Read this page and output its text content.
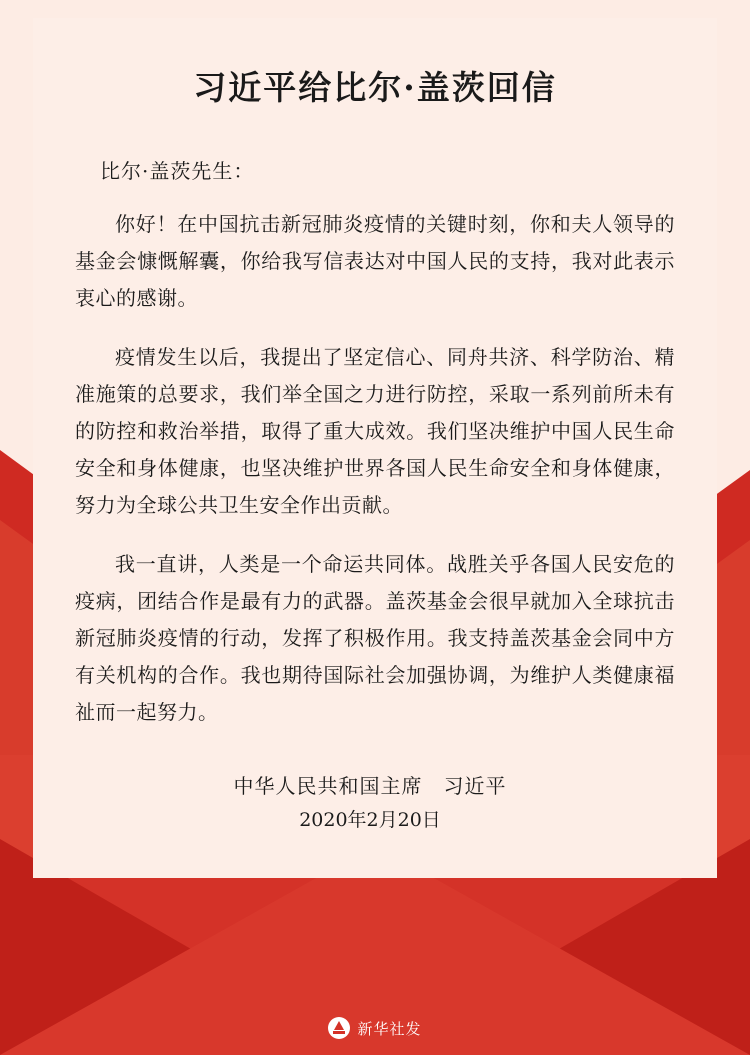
习近平给比尔·盖茨回信

比尔·盖茨先生：

你好！在中国抗击新冠肺炎疫情的关键时刻，你和夫人领导的基金会慷慨解囊，你给我写信表达对中国人民的支持，我对此表示衷心的感谢。

疫情发生以后，我提出了坚定信心、同舟共济、科学防治、精准施策的总要求，我们举全国之力进行防控，采取一系列前所未有的防控和救治举措，取得了重大成效。我们坚决维护中国人民生命安全和身体健康，也坚决维护世界各国人民生命安全和身体健康，努力为全球公共卫生安全作出贡献。

我一直讲，人类是一个命运共同体。战胜关乎各国人民安危的疫病，团结合作是最有力的武器。盖茨基金会很早就加入全球抗击新冠肺炎疫情的行动，发挥了积极作用。我支持盖茨基金会同中方有关机构的合作。我也期待国际社会加强协调，为维护人类健康福祉而一起努力。

中华人民共和国主席　习近平
2020年2月20日
新华社发
